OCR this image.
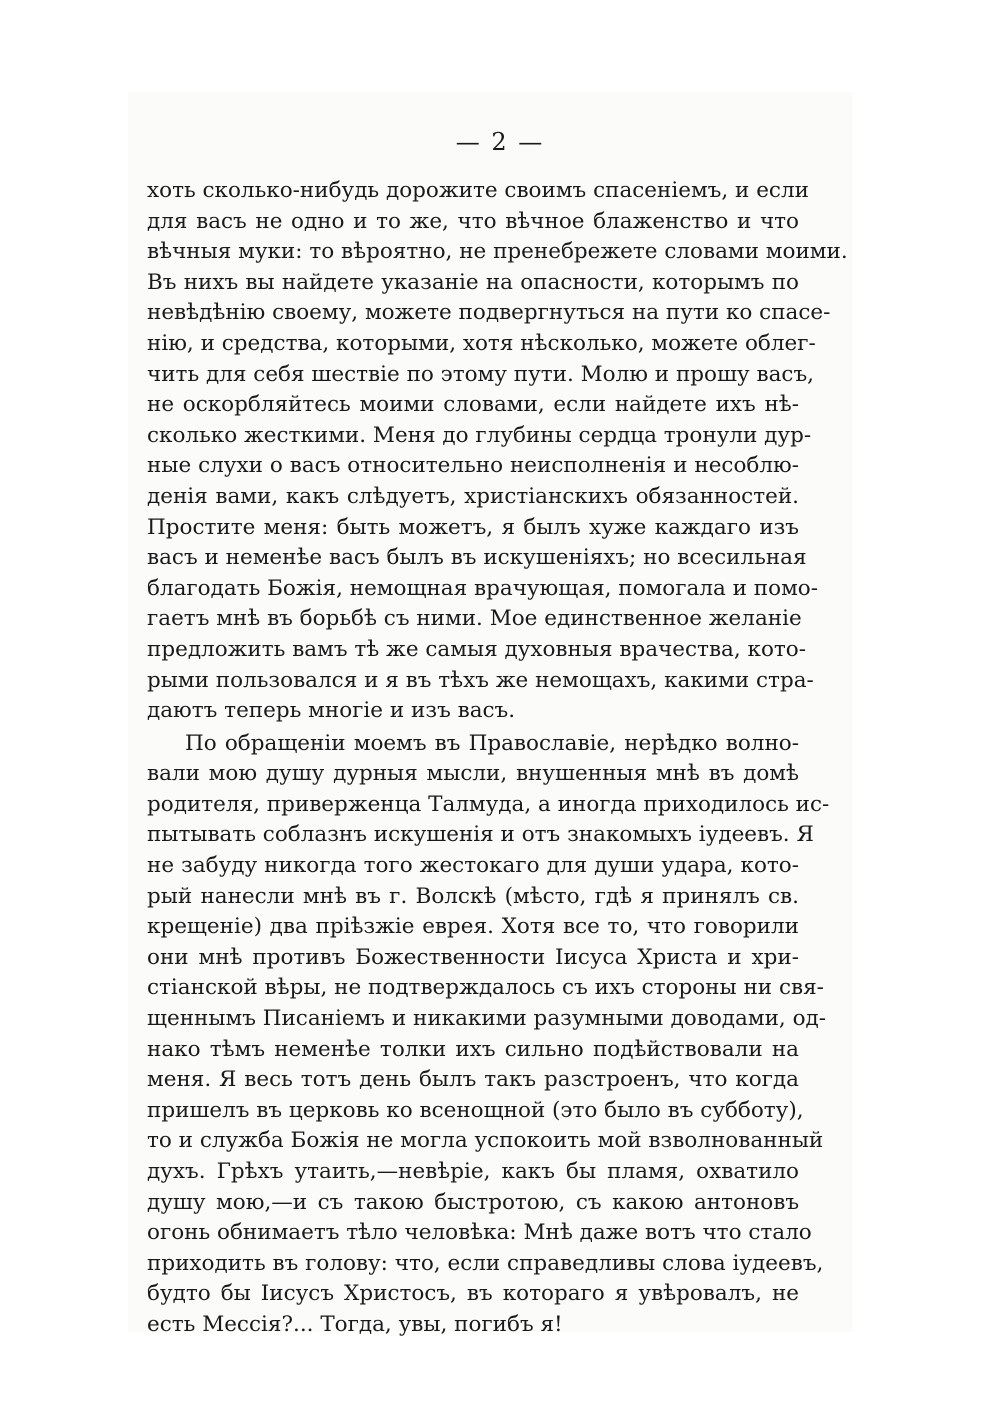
— 2 —
хоть сколько-нибудь дорожите своимъ спасеніемъ, и если
для васъ не одно и то же, что вѣчное блаженство и что
вѣчныя муки: то вѣроятно, не пренебрежете словами моими.
Въ нихъ вы найдете указаніе на опасности, которымъ по
невѣдѣнію своему, можете подвергнуться на пути ко спасе-
нію, и средства, которыми, хотя нѣсколько, можете облег-
чить для себя шествіе по этому пути. Молю и прошу васъ,
не оскорбляйтесь моими словами, если найдете ихъ нѣ-
сколько жесткими. Меня до глубины сердца тронули дур-
ные слухи о васъ относительно неисполненія и несоблю-
денія вами, какъ слѣдуетъ, христіанскихъ обязанностей.
Простите меня: быть можетъ, я былъ хуже каждаго изъ
васъ и неменѣе васъ былъ въ искушеніяхъ; но всесильная
благодать Божія, немощная врачующая, помогала и помо-
гаетъ мнѣ въ борьбѣ съ ними. Мое единственное желаніе
предложить вамъ тѣ же самыя духовныя врачества, кото-
рыми пользовался и я въ тѣхъ же немощахъ, какими стра-
даютъ теперь многіе и изъ васъ.
По обращеніи моемъ въ Православіе, нерѣдко волно-
вали мою душу дурныя мысли, внушенныя мнѣ въ домѣ
родителя, приверженца Талмуда, а иногда приходилось ис-
пытывать соблазнъ искушенія и отъ знакомыхъ іудеевъ. Я
не забуду никогда того жестокаго для души удара, кото-
рый нанесли мнѣ въ г. Волскѣ (мѣсто, гдѣ я принялъ св.
крещеніе) два пріѣзжіе еврея. Хотя все то, что говорили
они мнѣ противъ Божественности Іисуса Христа и хри-
стіанской вѣры, не подтверждалось съ ихъ стороны ни свя-
щеннымъ Писаніемъ и никакими разумными доводами, од-
нако тѣмъ неменѣе толки ихъ сильно подѣйствовали на
меня. Я весь тотъ день былъ такъ разстроенъ, что когда
пришелъ въ церковь ко всенощной (это было въ субботу),
то и служба Божія не могла успокоить мой взволнованный
духъ. Грѣхъ утаить,—невѣріе, какъ бы пламя, охватило
душу мою,—и съ такою быстротою, съ какою антоновъ
огонь обнимаетъ тѣло человѣка: Мнѣ даже вотъ что стало
приходить въ голову: что, если справедливы слова іудеевъ,
будто бы Іисусъ Христосъ, въ котораго я увѣровалъ, не
есть Мессія?... Тогда, увы, погибъ я!
